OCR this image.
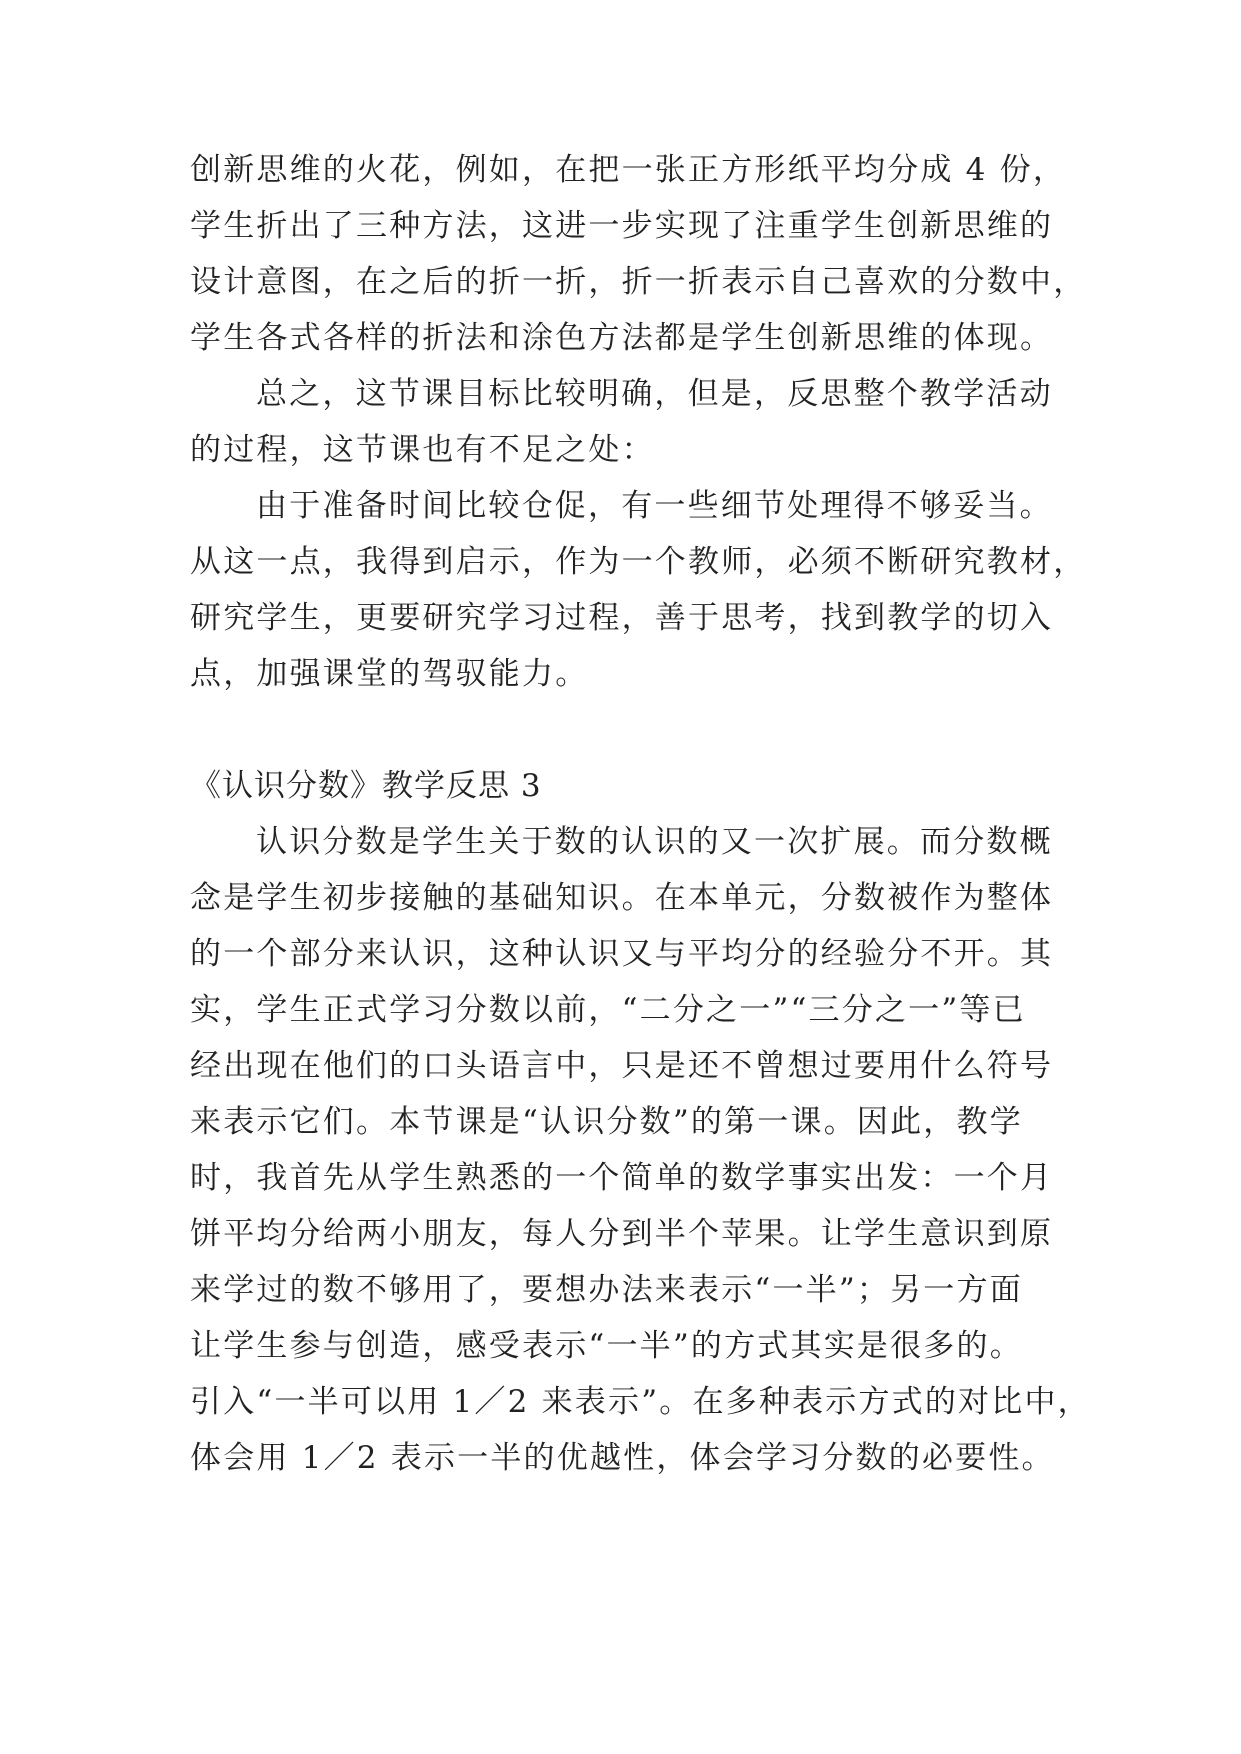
创新思维的火花，例如，在把一张正方形纸平均分成 4 份，
学生折出了三种方法，这进一步实现了注重学生创新思维的
设计意图，在之后的折一折，折一折表示自己喜欢的分数中，
学生各式各样的折法和涂色方法都是学生创新思维的体现。
总之，这节课目标比较明确，但是，反思整个教学活动
的过程，这节课也有不足之处：
由于准备时间比较仓促，有一些细节处理得不够妥当。
从这一点，我得到启示，作为一个教师，必须不断研究教材，
研究学生，更要研究学习过程，善于思考，找到教学的切入
点，加强课堂的驾驭能力。
《认识分数》教学反思 3
认识分数是学生关于数的认识的又一次扩展。而分数概
念是学生初步接触的基础知识。在本单元，分数被作为整体
的一个部分来认识，这种认识又与平均分的经验分不开。其
实，学生正式学习分数以前，“二分之一”“三分之一”等已
经出现在他们的口头语言中，只是还不曾想过要用什么符号
来表示它们。本节课是“认识分数”的第一课。因此，教学
时，我首先从学生熟悉的一个简单的数学事实出发：一个月
饼平均分给两小朋友，每人分到半个苹果。让学生意识到原
来学过的数不够用了，要想办法来表示“一半”；另一方面
让学生参与创造，感受表示“一半”的方式其实是很多的。
引入“一半可以用 1／2 来表示”。在多种表示方式的对比中，
体会用 1／2 表示一半的优越性，体会学习分数的必要性。
